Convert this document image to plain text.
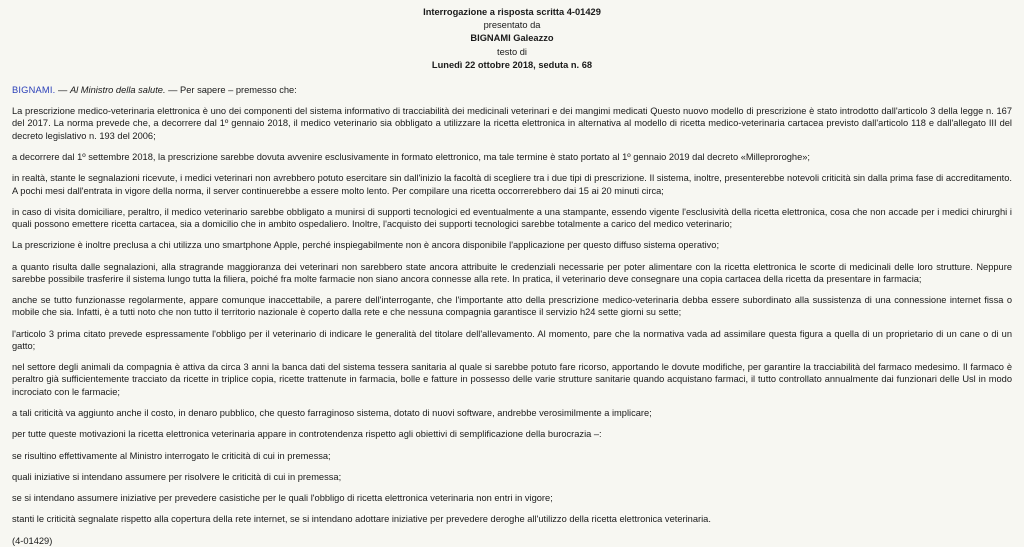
Interrogazione a risposta scritta 4-01429
presentato da
BIGNAMI Galeazzo
testo di
Lunedì 22 ottobre 2018, seduta n. 68

BIGNAMI. — Al Ministro della salute. — Per sapere – premesso che:

La prescrizione medico-veterinaria elettronica è uno dei componenti del sistema informativo di tracciabilità dei medicinali veterinari e dei mangimi medicati Questo nuovo modello di prescrizione è stato introdotto dall'articolo 3 della legge n. 167 del 2017. La norma prevede che, a decorrere dal 1º gennaio 2018, il medico veterinario sia obbligato a utilizzare la ricetta elettronica in alternativa al modello di ricetta medico-veterinaria cartacea previsto dall'articolo 118 e dall'allegato III del decreto legislativo n. 193 del 2006;

a decorrere dal 1º settembre 2018, la prescrizione sarebbe dovuta avvenire esclusivamente in formato elettronico, ma tale termine è stato portato al 1º gennaio 2019 dal decreto «Milleproroghe»;

in realtà, stante le segnalazioni ricevute, i medici veterinari non avrebbero potuto esercitare sin dall'inizio la facoltà di scegliere tra i due tipi di prescrizione. Il sistema, inoltre, presenterebbe notevoli criticità sin dalla prima fase di accreditamento. A pochi mesi dall'entrata in vigore della norma, il server continuerebbe a essere molto lento. Per compilare una ricetta occorrerebbero dai 15 ai 20 minuti circa;

in caso di visita domiciliare, peraltro, il medico veterinario sarebbe obbligato a munirsi di supporti tecnologici ed eventualmente a una stampante, essendo vigente l'esclusività della ricetta elettronica, cosa che non accade per i medici chirurghi i quali possono emettere ricetta cartacea, sia a domicilio che in ambito ospedaliero. Inoltre, l'acquisto dei supporti tecnologici sarebbe totalmente a carico del medico veterinario;

La prescrizione è inoltre preclusa a chi utilizza uno smartphone Apple, perché inspiegabilmente non è ancora disponibile l'applicazione per questo diffuso sistema operativo;

a quanto risulta dalle segnalazioni, alla stragrande maggioranza dei veterinari non sarebbero state ancora attribuite le credenziali necessarie per poter alimentare con la ricetta elettronica le scorte di medicinali delle loro strutture. Neppure sarebbe possibile trasferire il sistema lungo tutta la filiera, poiché fra molte farmacie non siano ancora connesse alla rete. In pratica, il veterinario deve consegnare una copia cartacea della ricetta da presentare in farmacia;

anche se tutto funzionasse regolarmente, appare comunque inaccettabile, a parere dell'interrogante, che l'importante atto della prescrizione medico-veterinaria debba essere subordinato alla sussistenza di una connessione internet fissa o mobile che sia. Infatti, è a tutti noto che non tutto il territorio nazionale è coperto dalla rete e che nessuna compagnia garantisce il servizio h24 sette giorni su sette;

l'articolo 3 prima citato prevede espressamente l'obbligo per il veterinario di indicare le generalità del titolare dell'allevamento. Al momento, pare che la normativa vada ad assimilare questa figura a quella di un proprietario di un cane o di un gatto;

nel settore degli animali da compagnia è attiva da circa 3 anni la banca dati del sistema tessera sanitaria al quale si sarebbe potuto fare ricorso, apportando le dovute modifiche, per garantire la tracciabilità del farmaco medesimo. Il farmaco è peraltro già sufficientemente tracciato da ricette in triplice copia, ricette trattenute in farmacia, bolle e fatture in possesso delle varie strutture sanitarie quando acquistano farmaci, il tutto controllato annualmente dai funzionari delle Usl in modo incrociato con le farmacie;

a tali criticità va aggiunto anche il costo, in denaro pubblico, che questo farraginoso sistema, dotato di nuovi software, andrebbe verosimilmente a implicare;

per tutte queste motivazioni la ricetta elettronica veterinaria appare in controtendenza rispetto agli obiettivi di semplificazione della burocrazia –:

se risultino effettivamente al Ministro interrogato le criticità di cui in premessa;

quali iniziative si intendano assumere per risolvere le criticità di cui in premessa;

se si intendano assumere iniziative per prevedere casistiche per le quali l'obbligo di ricetta elettronica veterinaria non entri in vigore;

stanti le criticità segnalate rispetto alla copertura della rete internet, se si intendano adottare iniziative per prevedere deroghe all'utilizzo della ricetta elettronica veterinaria.

(4-01429)
